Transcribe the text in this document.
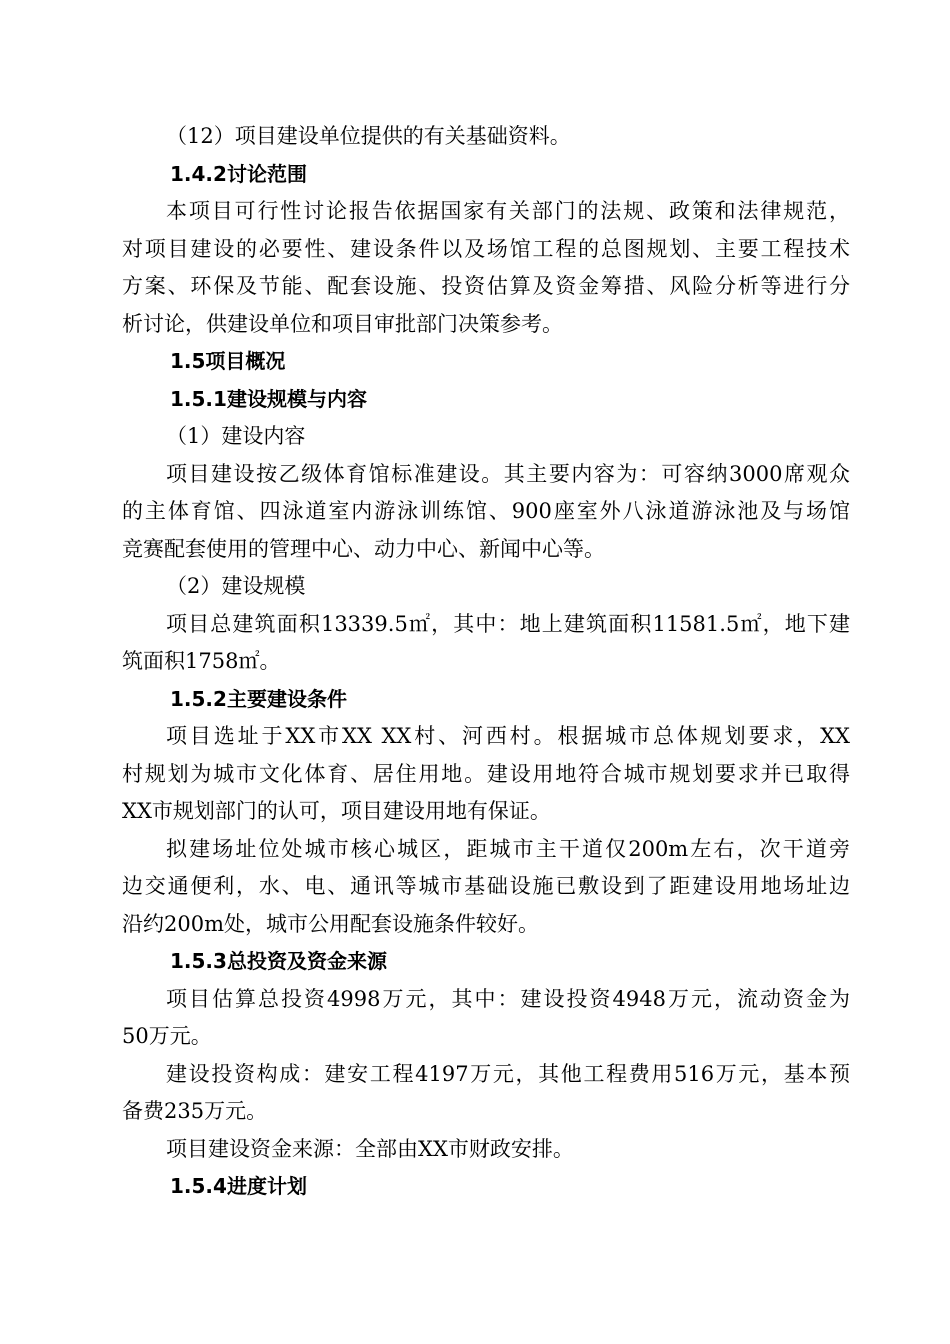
（12）项目建设单位提供的有关基础资料。
1.4.2讨论范围
本项目可行性讨论报告依据国家有关部门的法规、政策和法律规范，
对项目建设的必要性、建设条件以及场馆工程的总图规划、主要工程技术
方案、环保及节能、配套设施、投资估算及资金筹措、风险分析等进行分
析讨论，供建设单位和项目审批部门决策参考。
1.5项目概况
1.5.1建设规模与内容
（1）建设内容
项目建设按乙级体育馆标准建设。其主要内容为：可容纳3000席观众
的主体育馆、四泳道室内游泳训练馆、900座室外八泳道游泳池及与场馆
竞赛配套使用的管理中心、动力中心、新闻中心等。
（2）建设规模
项目总建筑面积13339.5㎡，其中：地上建筑面积11581.5㎡，地下建
筑面积1758㎡。
1.5.2主要建设条件
项目选址于XX市XX XX村、河西村。根据城市总体规划要求，XX
村规划为城市文化体育、居住用地。建设用地符合城市规划要求并已取得
XX市规划部门的认可，项目建设用地有保证。
拟建场址位处城市核心城区，距城市主干道仅200m左右，次干道旁
边交通便利，水、电、通讯等城市基础设施已敷设到了距建设用地场址边
沿约200m处，城市公用配套设施条件较好。
1.5.3总投资及资金来源
项目估算总投资4998万元，其中：建设投资4948万元，流动资金为
50万元。
建设投资构成：建安工程4197万元，其他工程费用516万元，基本预
备费235万元。
项目建设资金来源：全部由XX市财政安排。
1.5.4进度计划
